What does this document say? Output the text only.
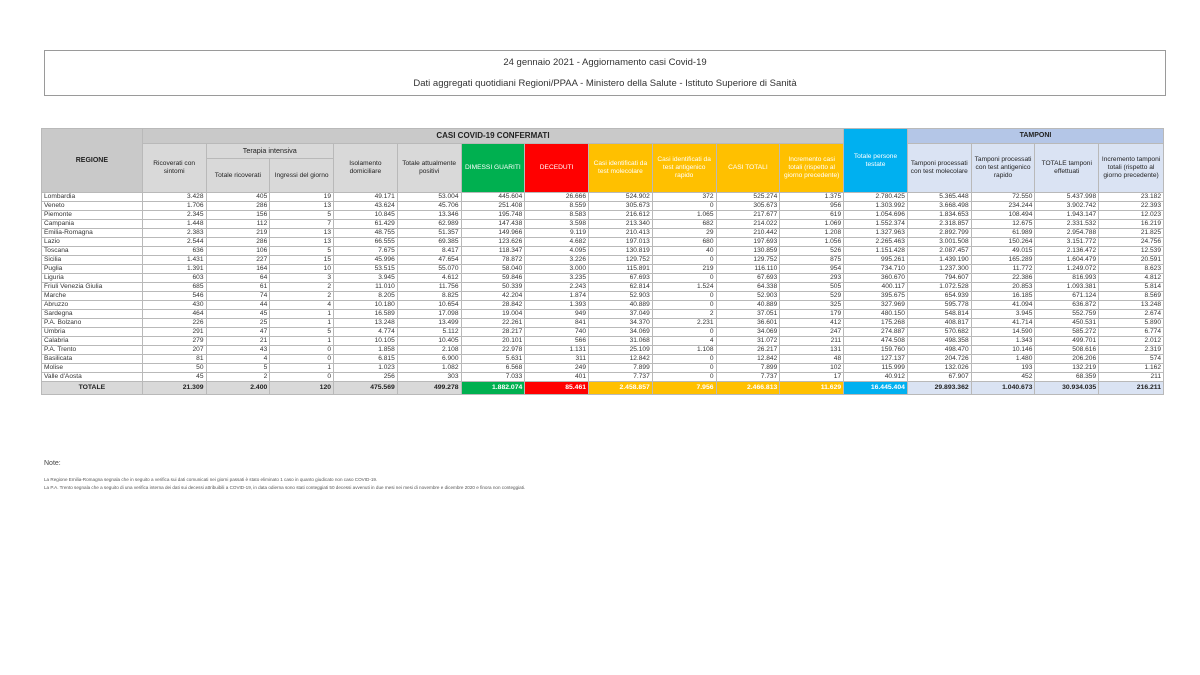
24 gennaio 2021 - Aggiornamento casi Covid-19
Dati aggregati quotidiani Regioni/PPAA - Ministero della Salute - Istituto Superiore di Sanità
REGIONE	CASI COVID-19 CONFERMATI											Totale persone testate	TAMPONI			
	Ricoverati con sintomi	Terapia intensiva		Isolamento domiciliare	Totale attualmente positivi	DIMESSI GUARITI	DECEDUTI	Casi identificati da test molecolare	Casi identificati da test antigenico rapido	CASI TOTALI	Incremento casi totali (rispetto al giorno precedente)		Tamponi processati con test molecolare	Tamponi processati con test antigenico rapido	TOTALE tamponi effettuati	Incremento tamponi totali (rispetto al giorno precedente)
		Totale ricoverati	Ingressi del giorno													
Lombardia	3.428	405	19	49.171	53.004	445.604	26.666	524.902	372	525.274	1.375	2.780.425	5.365.448	72.550	5.437.998	23.182
Veneto	1.706	286	13	43.624	45.706	251.408	8.559	305.673	0	305.673	956	1.303.992	3.668.498	234.244	3.902.742	22.393
Piemonte	2.345	156	5	10.845	13.346	195.748	8.583	216.612	1.065	217.677	619	1.054.696	1.834.653	108.494	1.943.147	12.023
Campania	1.448	112	7	61.429	62.989	147.438	3.598	213.340	682	214.022	1.069	1.552.374	2.318.857	12.675	2.331.532	16.219
Emilia-Romagna	2.383	219	13	48.755	51.357	149.966	9.119	210.413	29	210.442	1.208	1.327.963	2.892.799	61.989	2.954.788	21.825
Lazio	2.544	286	13	66.555	69.385	123.626	4.682	197.013	680	197.693	1.056	2.265.463	3.001.508	150.264	3.151.772	24.756
Toscana	636	106	5	7.675	8.417	118.347	4.095	130.819	40	130.859	526	1.151.428	2.087.457	49.015	2.136.472	12.539
Sicilia	1.431	227	15	45.996	47.654	78.872	3.226	129.752	0	129.752	875	995.261	1.439.190	165.289	1.604.479	20.591
Puglia	1.391	164	10	53.515	55.070	58.040	3.000	115.891	219	116.110	954	734.710	1.237.300	11.772	1.249.072	8.623
Liguria	603	64	3	3.945	4.612	59.846	3.235	67.693	0	67.693	293	360.670	794.607	22.386	816.993	4.812
Friuli Venezia Giulia	685	61	2	11.010	11.756	50.339	2.243	62.814	1.524	64.338	505	400.117	1.072.528	20.853	1.093.381	5.814
Marche	546	74	2	8.205	8.825	42.204	1.874	52.903	0	52.903	529	395.675	654.939	16.185	671.124	8.569
Abruzzo	430	44	4	10.180	10.654	28.842	1.393	40.889	0	40.889	325	327.969	595.778	41.094	636.872	13.248
Sardegna	464	45	1	16.589	17.098	19.004	949	37.049	2	37.051	179	480.150	548.814	3.945	552.759	2.674
P.A. Bolzano	226	25	1	13.248	13.499	22.261	841	34.370	2.231	36.601	412	175.268	408.817	41.714	450.531	5.890
Umbria	291	47	5	4.774	5.112	28.217	740	34.069	0	34.069	247	274.887	570.682	14.590	585.272	6.774
Calabria	279	21	1	10.105	10.405	20.101	566	31.068	4	31.072	211	474.508	498.358	1.343	499.701	2.012
P.A. Trento	207	43	0	1.858	2.108	22.978	1.131	25.109	1.108	26.217	131	159.760	498.470	10.146	508.616	2.319
Basilicata	81	4	0	6.815	6.900	5.631	311	12.842	0	12.842	48	127.137	204.726	1.480	206.206	574
Molise	50	5	1	1.023	1.082	6.568	249	7.899	0	7.899	102	115.999	132.026	193	132.219	1.162
Valle d'Aosta	45	2	0	256	303	7.033	401	7.737	0	7.737	17	40.912	67.907	452	68.359	211
TOTALE	21.309	2.400	120	475.569	499.278	1.882.074	85.461	2.458.857	7.956	2.466.813	11.629	16.445.404	29.893.362	1.040.673	30.934.035	216.211
Note:
La Regione Emilia-Romagna segnala che in seguito a verifica sui dati comunicati nei giorni passati è stato eliminato 1 caso in quanto giudicato non caso COVID-19.
La P.A. Trento segnala che a seguito di una verifica interna dei dati sui decessi attribuibili a COVID-19, in data odierna sono stati conteggiati 50 decessi avvenuti in due mesi nei mesi di novembre e dicembre 2020 e finora non conteggiati.
